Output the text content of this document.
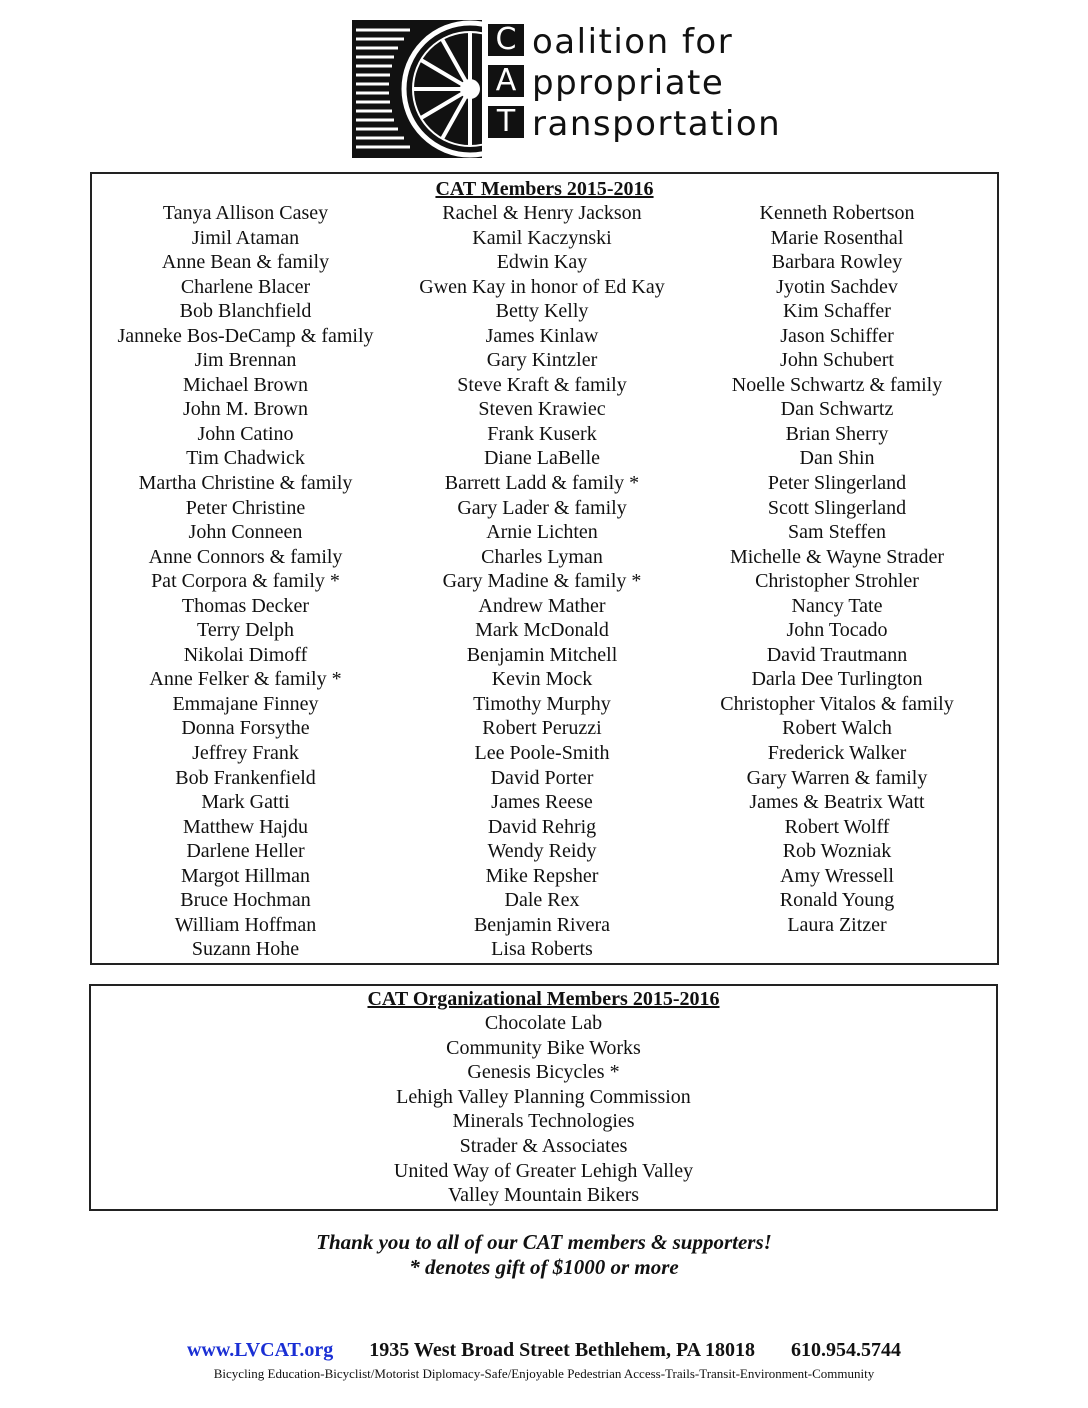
C
A
T
oalition for
ppropriate
ransportation
CAT Members 2015-2016
Tanya Allison Casey
Jimil Ataman
Anne Bean & family
Charlene Blacer
Bob Blanchfield
Janneke Bos-DeCamp & family
Jim Brennan
Michael Brown
John M. Brown
John Catino
Tim Chadwick
Martha Christine & family
Peter Christine
John Conneen
Anne Connors & family
Pat Corpora & family *
Thomas Decker
Terry Delph
Nikolai Dimoff
Anne Felker & family *
Emmajane Finney
Donna Forsythe
Jeffrey Frank
Bob Frankenfield
Mark Gatti
Matthew Hajdu
Darlene Heller
Margot Hillman
Bruce Hochman
William Hoffman
Suzann Hohe
Rachel & Henry Jackson
Kamil Kaczynski
Edwin Kay
Gwen Kay in honor of Ed Kay
Betty Kelly
James Kinlaw
Gary Kintzler
Steve Kraft & family
Steven Krawiec
Frank Kuserk
Diane LaBelle
Barrett Ladd & family *
Gary Lader & family
Arnie Lichten
Charles Lyman
Gary Madine & family *
Andrew Mather
Mark McDonald
Benjamin Mitchell
Kevin Mock
Timothy Murphy
Robert Peruzzi
Lee Poole-Smith
David Porter
James Reese
David Rehrig
Wendy Reidy
Mike Repsher
Dale Rex
Benjamin Rivera
Lisa Roberts
Kenneth Robertson
Marie Rosenthal
Barbara Rowley
Jyotin Sachdev
Kim Schaffer
Jason Schiffer
John Schubert
Noelle Schwartz & family
Dan Schwartz
Brian Sherry
Dan Shin
Peter Slingerland
Scott Slingerland
Sam Steffen
Michelle & Wayne Strader
Christopher Strohler
Nancy Tate
John Tocado
David Trautmann
Darla Dee Turlington
Christopher Vitalos & family
Robert Walch
Frederick Walker
Gary Warren & family
James & Beatrix Watt
Robert Wolff
Rob Wozniak
Amy Wressell
Ronald Young
Laura Zitzer
CAT Organizational Members 2015-2016
Chocolate Lab
Community Bike Works
Genesis Bicycles *
Lehigh Valley Planning Commission
Minerals Technologies
Strader & Associates
United Way of Greater Lehigh Valley
Valley Mountain Bikers
Thank you to all of our CAT members & supporters!
* denotes gift of $1000 or more
www.LVCAT.org 1935 West Broad Street Bethlehem, PA 18018 610.954.5744
Bicycling Education-Bicyclist/Motorist Diplomacy-Safe/Enjoyable Pedestrian Access-Trails-Transit-Environment-Community
